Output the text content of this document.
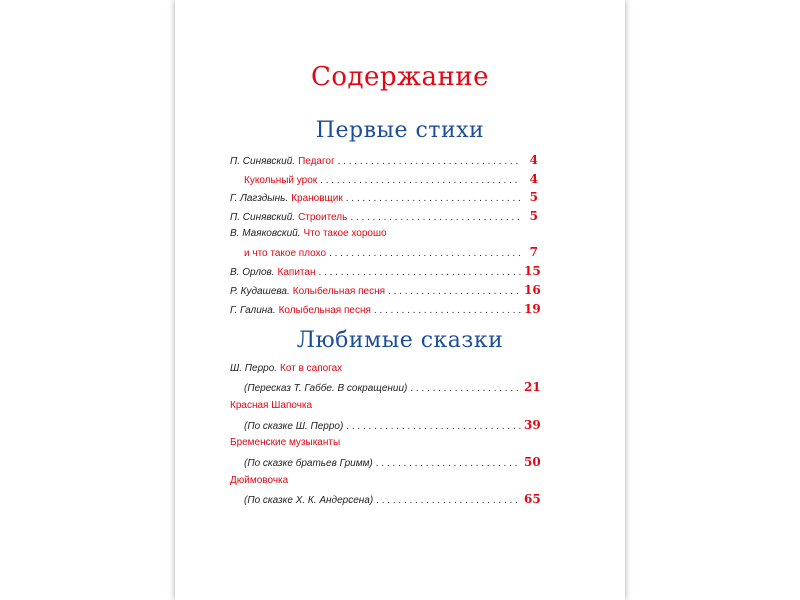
Содержание
Первые стихи
П. Синявский. Педагог . . .	4
Кукольный урок . . .	4
Г. Лагздынь. Крановщик . . .	5
П. Синявский. Строитель . . .	5
В. Маяковский. Что такое хорошо
и что такое плохо . . .	7
В. Орлов. Капитан . . .	15
Р. Кудашева. Колыбельная песня . . .	16
Г. Галина. Колыбельная песня . . .	19
Любимые сказки
Ш. Перро. Кот в сапогах
(Пересказ Т. Габбе. В сокращении) . . .	21
Красная Шапочка
(По сказке Ш. Перро) . . .	39
Бременские музыканты
(По сказке братьев Гримм) . . .	50
Дюймовочка
(По сказке Х. К. Андерсена) . . .	65
